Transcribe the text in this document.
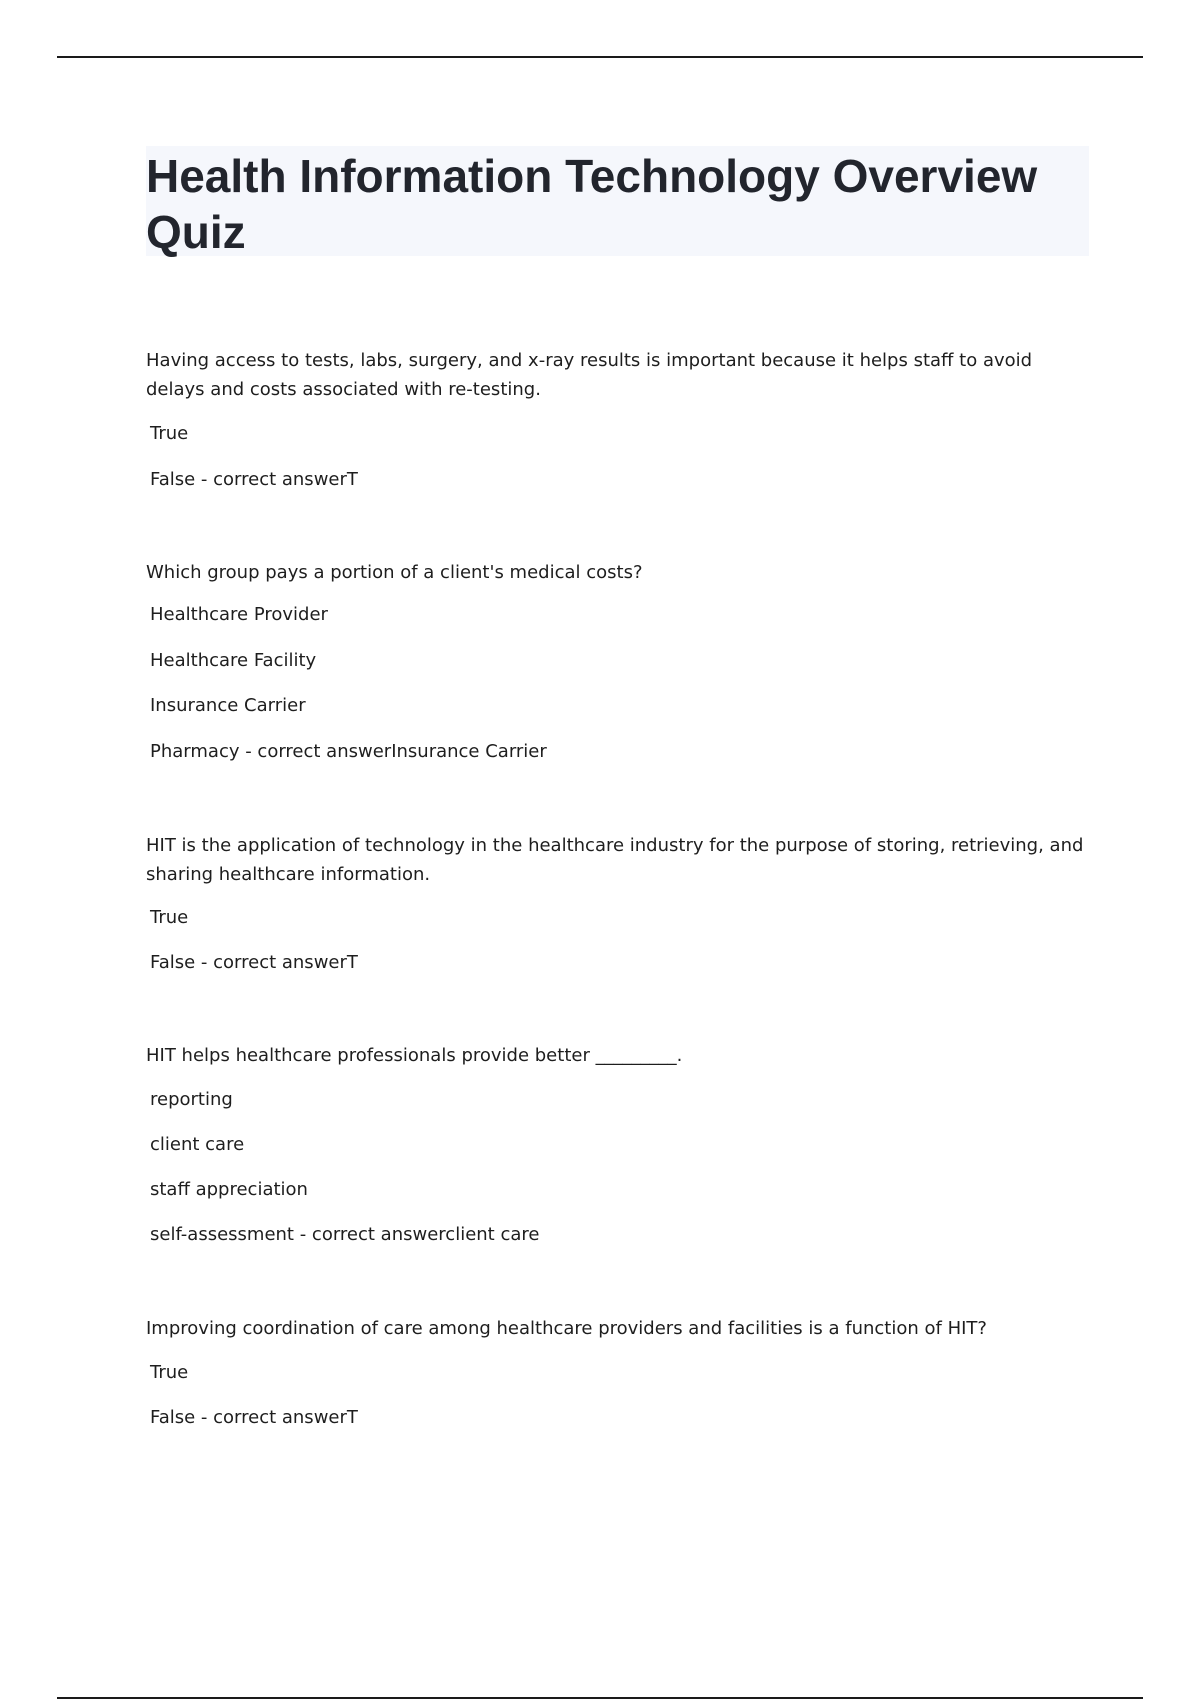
Health Information Technology Overview Quiz

Having access to tests, labs, surgery, and x-ray results is important because it helps staff to avoid delays and costs associated with re-testing.

True

False - correct answerT

Which group pays a portion of a client's medical costs?

Healthcare Provider

Healthcare Facility

Insurance Carrier

Pharmacy - correct answerInsurance Carrier

HIT is the application of technology in the healthcare industry for the purpose of storing, retrieving, and sharing healthcare information.

True

False - correct answerT

HIT helps healthcare professionals provide better _________.

reporting

client care

staff appreciation

self-assessment - correct answerclient care

Improving coordination of care among healthcare providers and facilities is a function of HIT?

True

False - correct answerT
